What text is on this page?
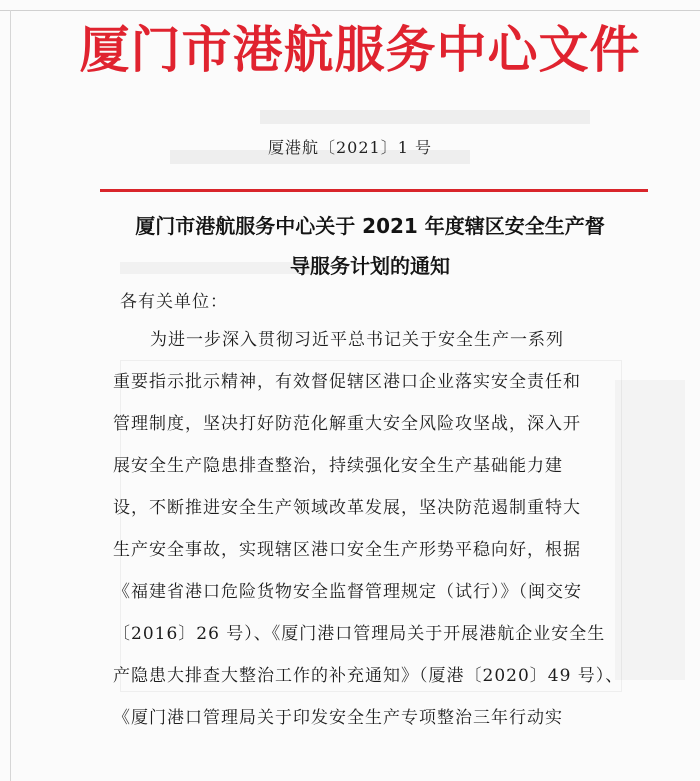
厦门市港航服务中心文件
厦港航〔2021〕1 号
厦门市港航服务中心关于 2021 年度辖区安全生产督
导服务计划的通知
各有关单位：
为进一步深入贯彻习近平总书记关于安全生产一系列
重要指示批示精神，有效督促辖区港口企业落实安全责任和
管理制度，坚决打好防范化解重大安全风险攻坚战，深入开
展安全生产隐患排查整治，持续强化安全生产基础能力建
设，不断推进安全生产领域改革发展，坚决防范遏制重特大
生产安全事故，实现辖区港口安全生产形势平稳向好，根据
《福建省港口危险货物安全监督管理规定（试行）》（闽交安
〔2016〕26 号）、《厦门港口管理局关于开展港航企业安全生
产隐患大排查大整治工作的补充通知》（厦港〔2020〕49 号）、
《厦门港口管理局关于印发安全生产专项整治三年行动实
